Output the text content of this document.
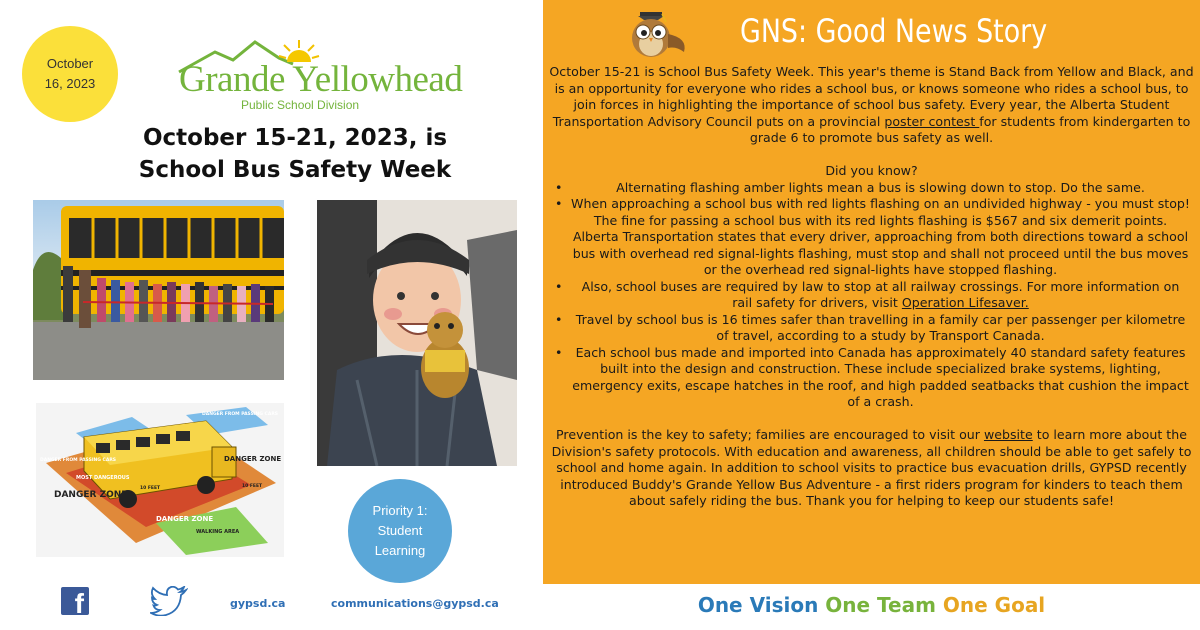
October
16, 2023 Grande Yellowhead
Public School Division
October 15-21, 2023, is
School Bus Safety Week
DANGER ZONE
DANGER ZONE
DANGER ZONE
DANGER FROM PASSING CARS
DANGER FROM PASSING CARS
MOST DANGEROUS
WALKING AREA
10 FEET	10 FEET
Priority 1:
Student
Learning
f	gypsd.ca	communications@gypsd.ca
GNS: Good News Story

October 15-21 is School Bus Safety Week. This year's theme is Stand Back from Yellow and Black, and is an opportunity for everyone who rides a school bus, or knows someone who rides a school bus, to join forces in highlighting the importance of school bus safety. Every year, the Alberta Student Transportation Advisory Council puts on a provincial poster contest for students from kindergarten to grade 6 to promote bus safety as well.

Did you know?

• Alternating flashing amber lights mean a bus is slowing down to stop. Do the same.
• When approaching a school bus with red lights flashing on an undivided highway - you must stop! The fine for passing a school bus with its red lights flashing is $567 and six demerit points. Alberta Transportation states that every driver, approaching from both directions toward a school bus with overhead red signal-lights flashing, must stop and shall not proceed until the bus moves or the overhead red signal-lights have stopped flashing.
• Also, school buses are required by law to stop at all railway crossings. For more information on rail safety for drivers, visit Operation Lifesaver.
• Travel by school bus is 16 times safer than travelling in a family car per passenger per kilometre of travel, according to a study by Transport Canada.
• Each school bus made and imported into Canada has approximately 40 standard safety features built into the design and construction. These include specialized brake systems, lighting, emergency exits, escape hatches in the roof, and high padded seatbacks that cushion the impact of a crash.

Prevention is the key to safety; families are encouraged to visit our website to learn more about the Division's safety protocols. With education and awareness, all children should be able to get safely to school and home again. In addition to school visits to practice bus evacuation drills, GYPSD recently introduced Buddy's Grande Yellow Bus Adventure - a first riders program for kinders to teach them about safely riding the bus. Thank you for helping to keep our students safe!

One Vision One Team One Goal
